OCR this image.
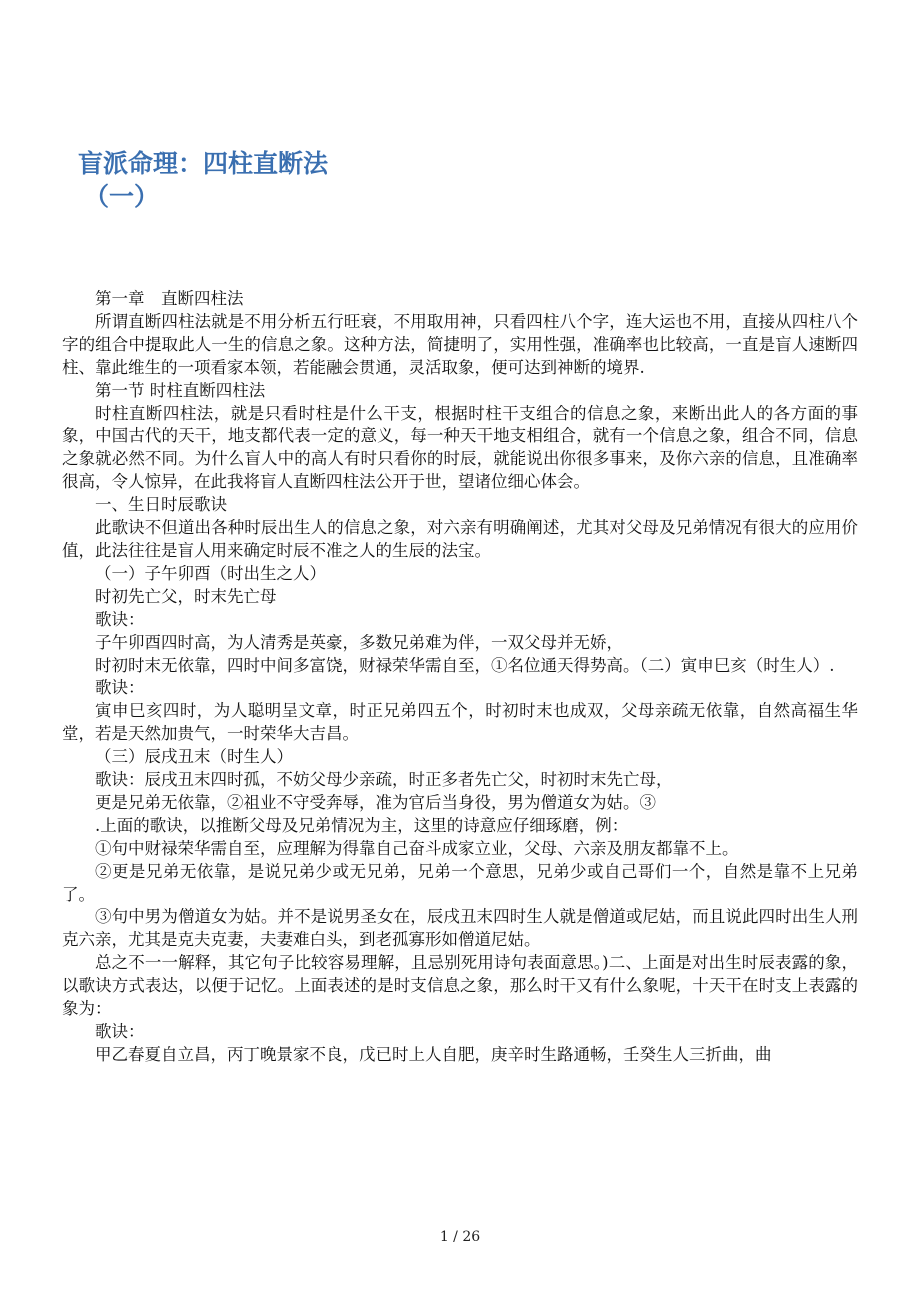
盲派命理：四柱直断法
（一）

第一章　直断四柱法

所谓直断四柱法就是不用分析五行旺衰，不用取用神，只看四柱八个字，连大运也不用，直接从四柱八个字的组合中提取此人一生的信息之象。这种方法，简捷明了，实用性强，准确率也比较高，一直是盲人速断四柱、靠此维生的一项看家本领，若能融会贯通，灵活取象，便可达到神断的境界.

第一节 时柱直断四柱法

时柱直断四柱法，就是只看时柱是什么干支，根据时柱干支组合的信息之象，来断出此人的各方面的事象，中国古代的天干，地支都代表一定的意义，每一种天干地支相组合，就有一个信息之象，组合不同，信息之象就必然不同。为什么盲人中的高人有时只看你的时辰，就能说出你很多事来，及你六亲的信息，且准确率很高，令人惊异，在此我将盲人直断四柱法公开于世，望诸位细心体会。

一、生日时辰歌诀

此歌诀不但道出各种时辰出生人的信息之象，对六亲有明确阐述，尤其对父母及兄弟情况有很大的应用价值，此法往往是盲人用来确定时辰不准之人的生辰的法宝。

（一）子午卯酉（时出生之人）

时初先亡父，时末先亡母

歌诀：

子午卯酉四时高，为人清秀是英豪，多数兄弟难为伴，一双父母并无娇，

时初时末无依靠，四时中间多富饶，财禄荣华需自至，①名位通天得势高。（二）寅申巳亥（时生人）.

歌诀：

寅申巳亥四时，为人聪明呈文章，时正兄弟四五个，时初时末也成双，父母亲疏无依靠，自然高福生华堂，若是天然加贵气，一时荣华大吉昌。

（三）辰戌丑末（时生人）

歌诀：辰戌丑末四时孤，不妨父母少亲疏，时正多者先亡父，时初时末先亡母，

更是兄弟无依靠，②祖业不守受奔辱，准为官后当身役，男为僧道女为姑。③

.上面的歌诀，以推断父母及兄弟情况为主，这里的诗意应仔细琢磨，例：

①句中财禄荣华需自至，应理解为得靠自己奋斗成家立业，父母、六亲及朋友都靠不上。

②更是兄弟无依靠，是说兄弟少或无兄弟，兄弟一个意思，兄弟少或自己哥们一个，自然是靠不上兄弟了。

③句中男为僧道女为姑。并不是说男圣女在，辰戌丑末四时生人就是僧道或尼姑，而且说此四时出生人刑克六亲，尤其是克夫克妻，夫妻难白头，到老孤寡形如僧道尼姑。

总之不一一解释，其它句子比较容易理解，且忌别死用诗句表面意思。)二、上面是对出生时辰表露的象，以歌诀方式表达，以便于记忆。上面表述的是时支信息之象，那么时干又有什么象呢，十天干在时支上表露的象为：

歌诀：

甲乙春夏自立昌，丙丁晚景家不良，戊已时上人自肥，庚辛时生路通畅，壬癸生人三折曲，曲

1 / 26
